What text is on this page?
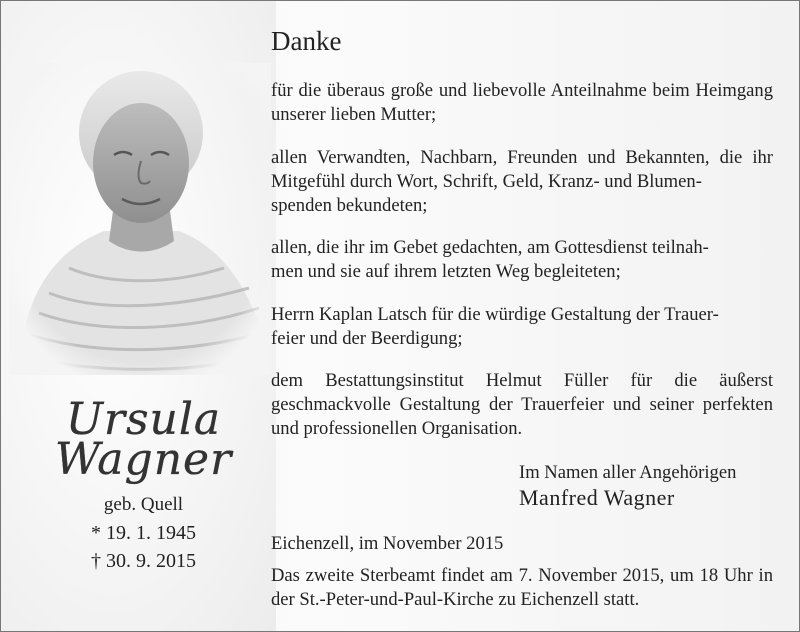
Ursula
Wagner
geb. Quell
* 19. 1. 1945
† 30. 9. 2015
Danke
für die überaus große und liebevolle Anteilnahme beim Heimgang unserer lieben Mutter;
allen Verwandten, Nachbarn, Freunden und Bekannten, die ihr Mitgefühl durch Wort, Schrift, Geld, Kranz- und Blumen-
spenden bekundeten;
allen, die ihr im Gebet gedachten, am Gottesdienst teilnah-
men und sie auf ihrem letzten Weg begleiteten;
Herrn Kaplan Latsch für die würdige Gestaltung der Trauer-
feier und der Beerdigung;
dem Bestattungsinstitut Helmut Füller für die äußerst geschmackvolle Gestaltung der Trauerfeier und seiner perfekten und professionellen Organisation.
Im Namen aller Angehörigen
Manfred Wagner
Eichenzell, im November 2015
Das zweite Sterbeamt findet am 7. November 2015, um 18 Uhr in der St.-Peter-und-Paul-Kirche zu Eichenzell statt.
